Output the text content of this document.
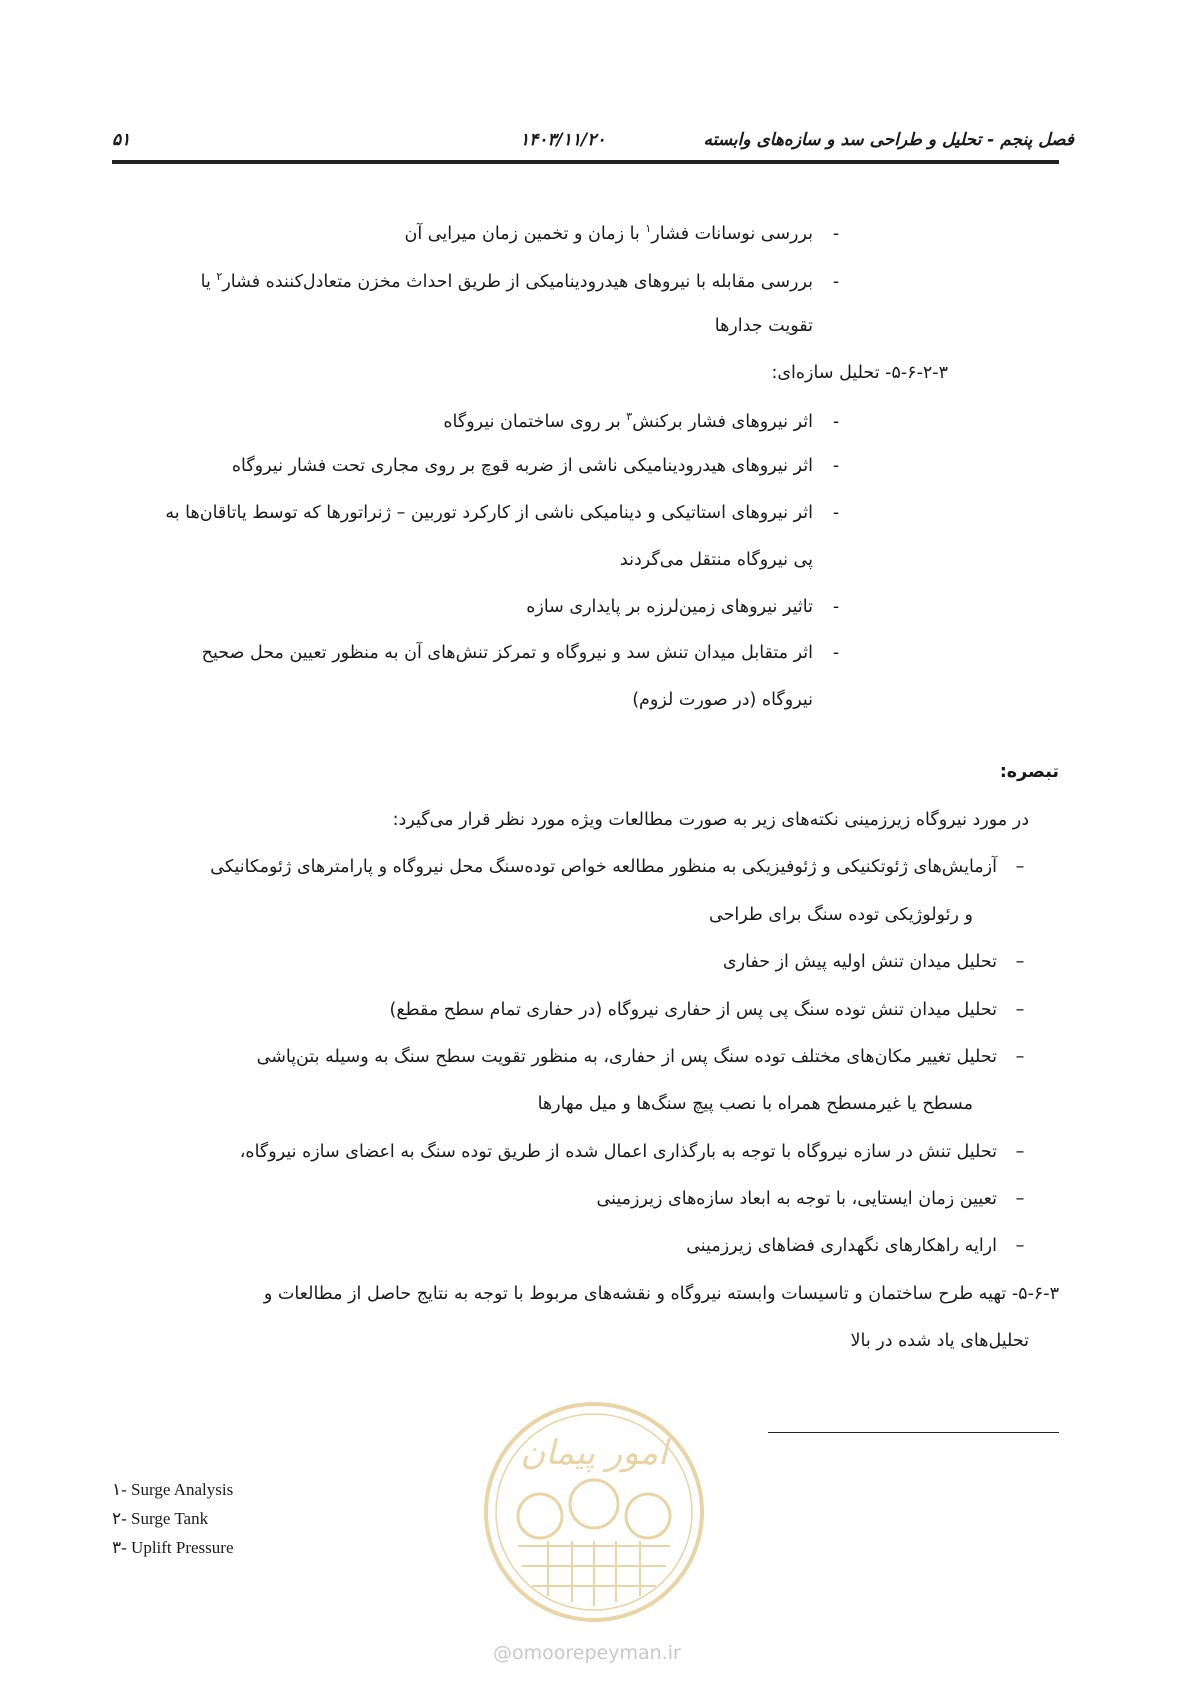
فصل پنجم - تحلیل و طراحی سد و سازه‌های وابسته
۱۴۰۳/۱۱/۲۰
۵۱
-بررسی نوسانات فشار$^۱$ با زمان و تخمین زمان میرایی آن
-بررسی مقابله با نیروهای هیدرودینامیکی از طریق احداث مخزن متعادل‌کننده فشار$^۲$ یا
تقویت جدارها
۵-۶-۲-۳- تحلیل سازه‌ای:
-اثر نیروهای فشار برکنش$^۳$ بر روی ساختمان نیروگاه
-اثر نیروهای هیدرودینامیکی ناشی از ضربه قوچ بر روی مجاری تحت فشار نیروگاه
-اثر نیروهای استاتیکی و دینامیکی ناشی از کارکرد توربین – ژنراتورها که توسط یاتاقان‌ها به
پی نیروگاه منتقل می‌گردند
-تاثیر نیروهای زمین‌لرزه بر پایداری سازه
-اثر متقابل میدان تنش سد و نیروگاه و تمرکز تنش‌های آن به منظور تعیین محل صحیح
نیروگاه (در صورت لزوم)
تبصره:
در مورد نیروگاه زیرزمینی نکته‌های زیر به صورت مطالعات ویژه مورد نظر قرار می‌گیرد:
–آزمایش‌های ژئوتکنیکی و ژئوفیزیکی به منظور مطالعه خواص توده‌سنگ محل نیروگاه و پارامترهای ژئومکانیکی
و رئولوژیکی توده سنگ برای طراحی
–تحلیل میدان تنش اولیه پیش از حفاری
–تحلیل میدان تنش توده سنگ پی پس از حفاری نیروگاه (در حفاری تمام سطح مقطع)
–تحلیل تغییر مکان‌های مختلف توده سنگ پس از حفاری، به منظور تقویت سطح سنگ به وسیله بتن‌پاشی
مسطح یا غیرمسطح همراه با نصب پیچ سنگ‌ها و میل مهارها
–تحلیل تنش در سازه نیروگاه با توجه به بارگذاری اعمال شده از طریق توده سنگ به اعضای سازه نیروگاه،
–تعیین زمان ایستایی، با توجه به ابعاد سازه‌های زیرزمینی
–ارایه راهکارهای نگهداری فضاهای زیرزمینی
۵-۶-۳- تهیه طرح ساختمان و تاسیسات وابسته نیروگاه و نقشه‌های مربوط با توجه به نتایج حاصل از مطالعات و
تحلیل‌های یاد شده در بالا
۱- Surge Analysis
۲- Surge Tank
۳- Uplift Pressure
امور پیمان
@omoorepeyman.ir
